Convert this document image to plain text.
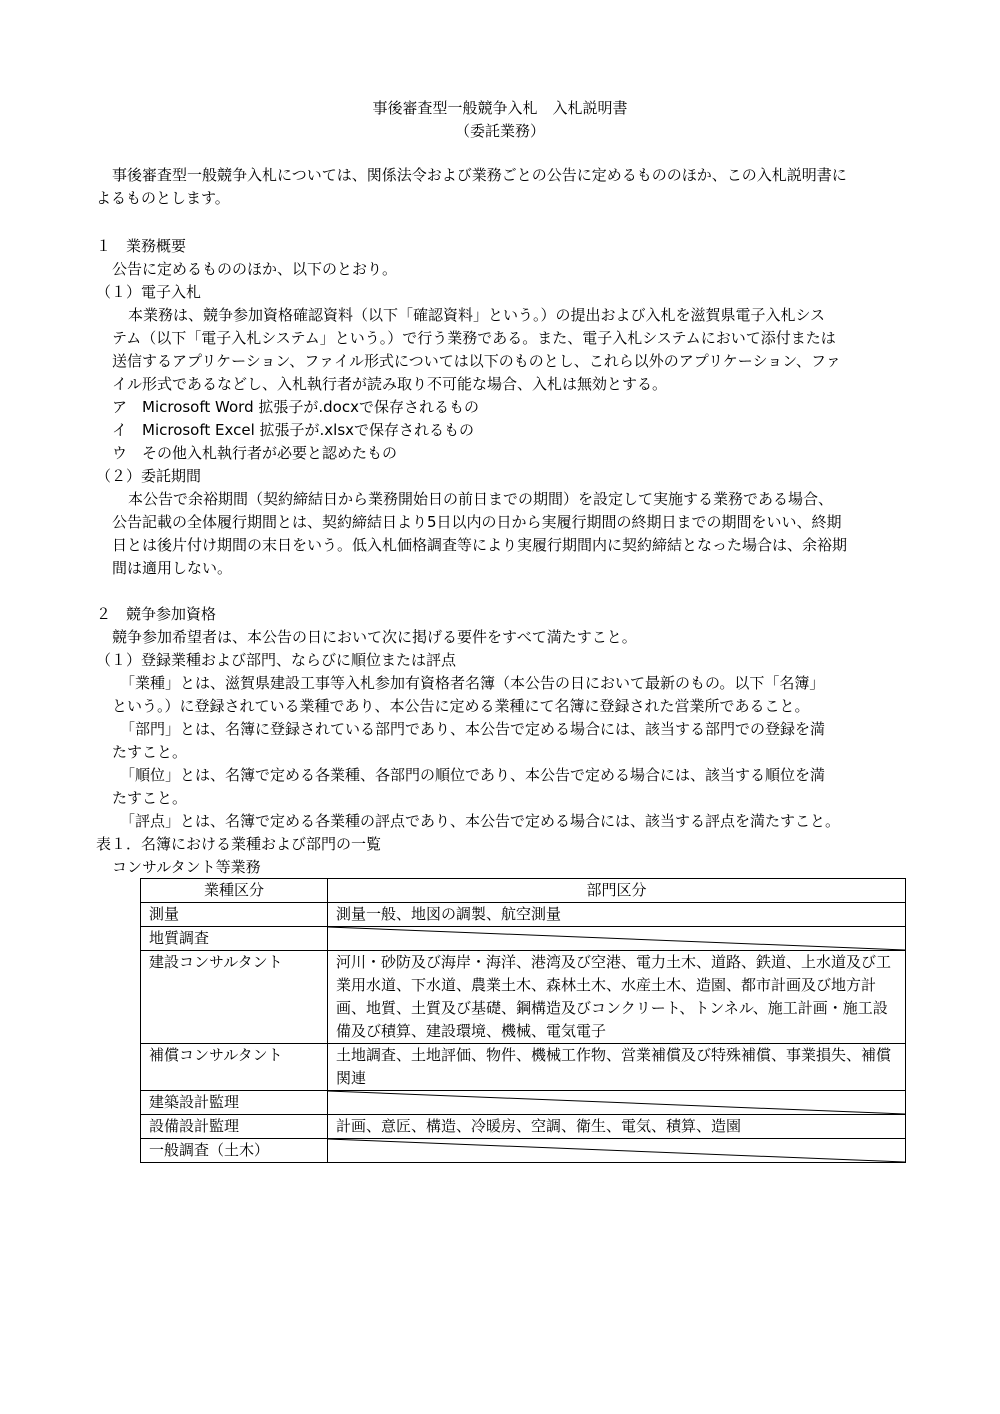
事後審査型一般競争入札　入札説明書
（委託業務）
事後審査型一般競争入札については、関係法令および業務ごとの公告に定めるもののほか、この入札説明書に
よるものとします。
１　業務概要
公告に定めるもののほか、以下のとおり。
（１）電子入札
本業務は、競争参加資格確認資料（以下「確認資料」という。）の提出および入札を滋賀県電子入札シス
テム（以下「電子入札システム」という。）で行う業務である。また、電子入札システムにおいて添付または
送信するアプリケーション、ファイル形式については以下のものとし、これら以外のアプリケーション、ファ
イル形式であるなどし、入札執行者が読み取り不可能な場合、入札は無効とする。
ア　Microsoft Word 拡張子が.docxで保存されるもの
イ　Microsoft Excel 拡張子が.xlsxで保存されるもの
ウ　その他入札執行者が必要と認めたもの
（２）委託期間
本公告で余裕期間（契約締結日から業務開始日の前日までの期間）を設定して実施する業務である場合、
公告記載の全体履行期間とは、契約締結日より5日以内の日から実履行期間の終期日までの期間をいい、終期
日とは後片付け期間の末日をいう。低入札価格調査等により実履行期間内に契約締結となった場合は、余裕期
間は適用しない。
２　競争参加資格
競争参加希望者は、本公告の日において次に掲げる要件をすべて満たすこと。
（１）登録業種および部門、ならびに順位または評点
「業種」とは、滋賀県建設工事等入札参加有資格者名簿（本公告の日において最新のもの。以下「名簿」
という。）に登録されている業種であり、本公告に定める業種にて名簿に登録された営業所であること。
「部門」とは、名簿に登録されている部門であり、本公告で定める場合には、該当する部門での登録を満
たすこと。
「順位」とは、名簿で定める各業種、各部門の順位であり、本公告で定める場合には、該当する順位を満
たすこと。
「評点」とは、名簿で定める各業種の評点であり、本公告で定める場合には、該当する評点を満たすこと。
表１．名簿における業種および部門の一覧
コンサルタント等業務
業種区分	部門区分
測量	測量一般、地図の調製、航空測量
地質調査	

建設コンサルタント	河川・砂防及び海岸・海洋、港湾及び空港、電力土木、道路、鉄道、上水道及び工業用水道、下水道、農業土木、森林土木、水産土木、造園、都市計画及び地方計画、地質、土質及び基礎、鋼構造及びコンクリート、トンネル、施工計画・施工設備及び積算、建設環境、機械、電気電子
補償コンサルタント	土地調査、土地評価、物件、機械工作物、営業補償及び特殊補償、事業損失、補償関連
建築設計監理	

設備設計監理	計画、意匠、構造、冷暖房、空調、衛生、電気、積算、造園
一般調査（土木）	
